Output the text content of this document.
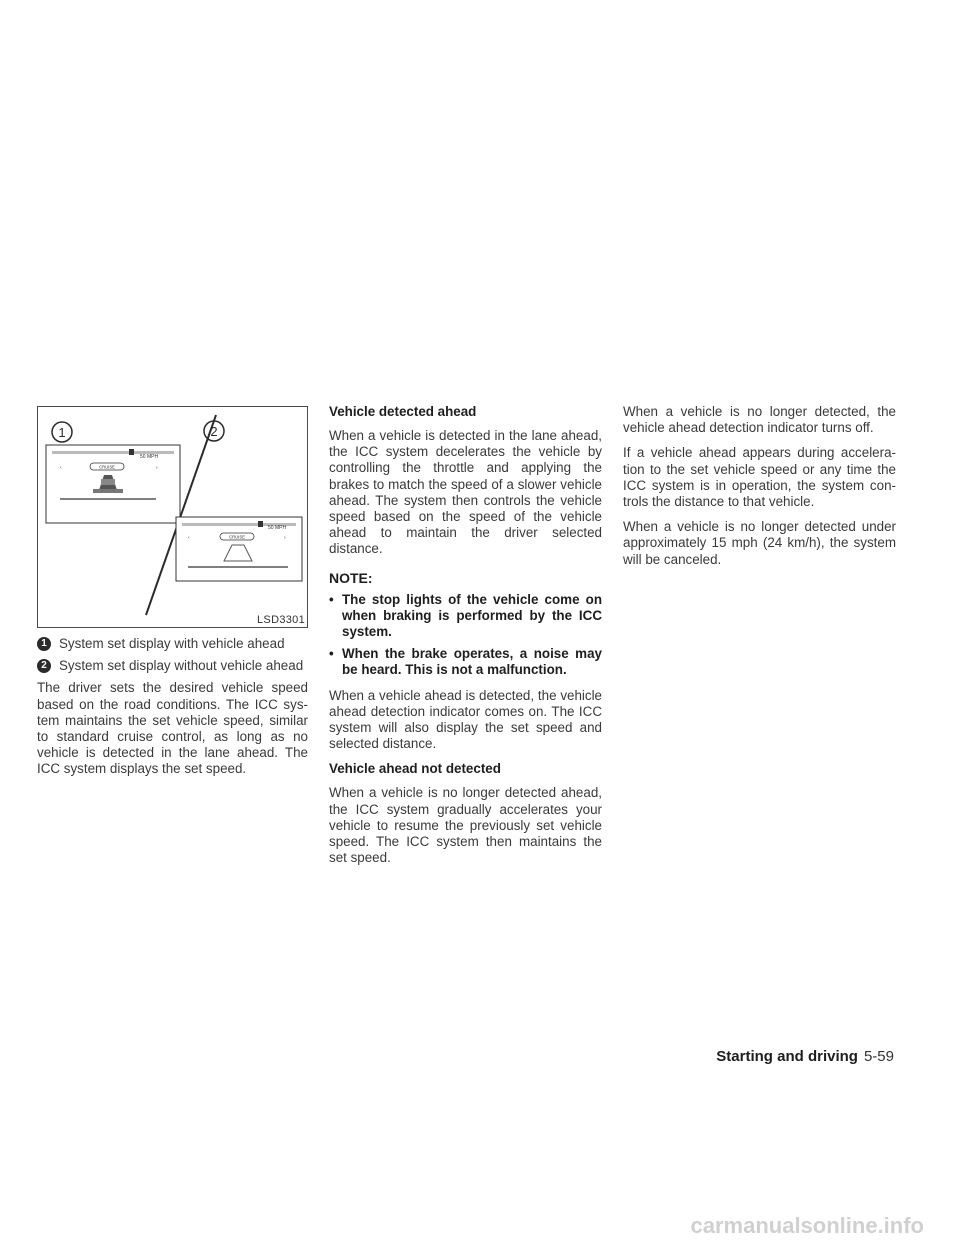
1	2
50 MPH
CRUISE
‹	›
50 MPH
CRUISE
‹	›
LSD3301
1 System set display with vehicle ahead
2 System set display without vehicle ahead

The driver sets the desired vehicle speed based on the road conditions. The ICC system maintains the set vehicle speed, similar to standard cruise control, as long as no vehicle is detected in the lane ahead. The ICC system displays the set speed.

Vehicle detected ahead

When a vehicle is detected in the lane ahead, the ICC system decelerates the vehicle by controlling the throttle and applying the brakes to match the speed of a slower vehicle ahead. The system then controls the vehicle speed based on the speed of the vehicle ahead to maintain the driver selected distance.

NOTE:
• The stop lights of the vehicle come on when braking is performed by the ICC system.
• When the brake operates, a noise may be heard. This is not a malfunction.

When a vehicle ahead is detected, the vehicle ahead detection indicator comes on. The ICC system will also display the set speed and selected distance.

Vehicle ahead not detected

When a vehicle is no longer detected ahead, the ICC system gradually accelerates your vehicle to resume the previously set vehicle speed. The ICC system then maintains the set speed.

When a vehicle is no longer detected, the vehicle ahead detection indicator turns off.

If a vehicle ahead appears during acceleration to the set vehicle speed or any time the ICC system is in operation, the system controls the distance to that vehicle.

When a vehicle is no longer detected under approximately 15 mph (24 km/h), the system will be canceled.

Starting and driving 5-59
carmanualsonline.info
